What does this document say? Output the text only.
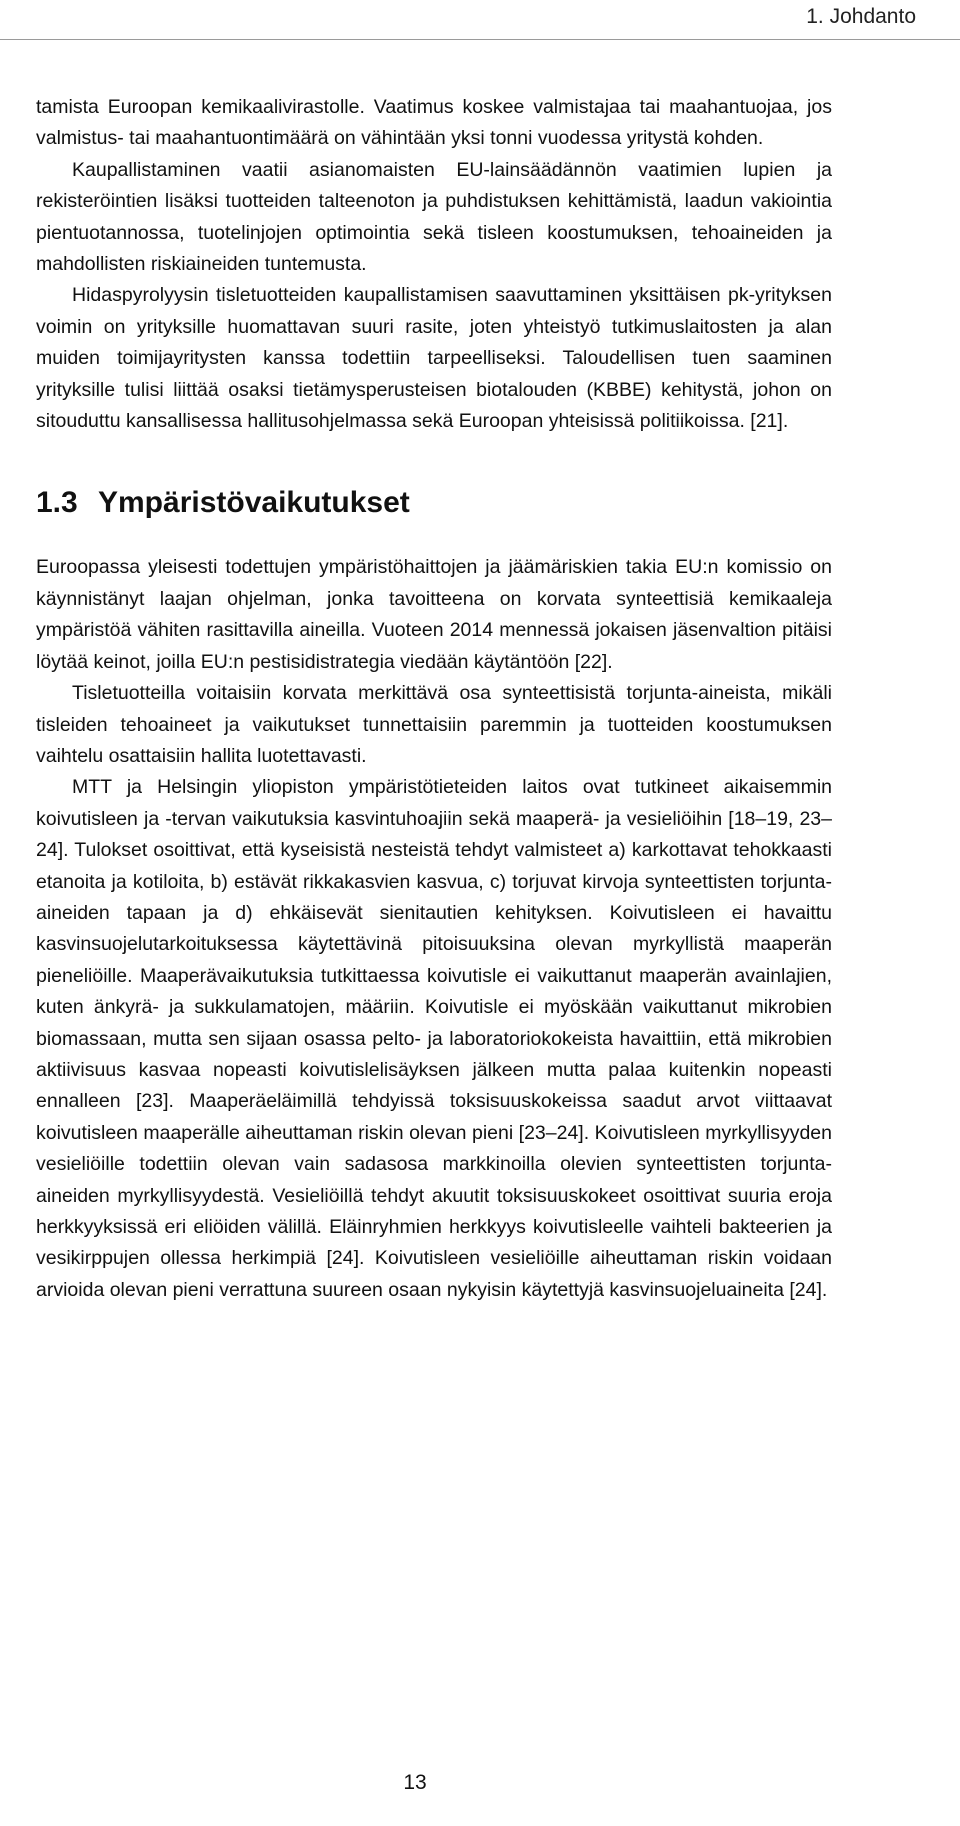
1. Johdanto

tamista Euroopan kemikaalivirastolle. Vaatimus koskee valmistajaa tai maahantuojaa, jos valmistus- tai maahantuontimäärä on vähintään yksi tonni vuodessa yritystä kohden.

Kaupallistaminen vaatii asianomaisten EU-lainsäädännön vaatimien lupien ja rekisteröintien lisäksi tuotteiden talteenoton ja puhdistuksen kehittämistä, laadun vakiointia pientuotannossa, tuotelinjojen optimointia sekä tisleen koostumuksen, tehoaineiden ja mahdollisten riskiaineiden tuntemusta.

Hidaspyrolyysin tisletuotteiden kaupallistamisen saavuttaminen yksittäisen pk-yrityksen voimin on yrityksille huomattavan suuri rasite, joten yhteistyö tutkimuslaitosten ja alan muiden toimijayritysten kanssa todettiin tarpeelliseksi. Taloudellisen tuen saaminen yrityksille tulisi liittää osaksi tietämysperusteisen biotalouden (KBBE) kehitystä, johon on sitouduttu kansallisessa hallitusohjelmassa sekä Euroopan yhteisissä politiikoissa. [21].

1.3 Ympäristövaikutukset

Euroopassa yleisesti todettujen ympäristöhaittojen ja jäämäriskien takia EU:n komissio on käynnistänyt laajan ohjelman, jonka tavoitteena on korvata synteettisiä kemikaaleja ympäristöä vähiten rasittavilla aineilla. Vuoteen 2014 mennessä jokaisen jäsenvaltion pitäisi löytää keinot, joilla EU:n pestisidistrategia viedään käytäntöön [22].

Tisletuotteilla voitaisiin korvata merkittävä osa synteettisistä torjunta-aineista, mikäli tisleiden tehoaineet ja vaikutukset tunnettaisiin paremmin ja tuotteiden koostumuksen vaihtelu osattaisiin hallita luotettavasti.

MTT ja Helsingin yliopiston ympäristötieteiden laitos ovat tutkineet aikaisemmin koivutisleen ja -tervan vaikutuksia kasvintuhoajiin sekä maaperä- ja vesieliöihin [18–19, 23–24]. Tulokset osoittivat, että kyseisistä nesteistä tehdyt valmisteet a) karkottavat tehokkaasti etanoita ja kotiloita, b) estävät rikkakasvien kasvua, c) torjuvat kirvoja synteettisten torjunta-aineiden tapaan ja d) ehkäisevät sienitautien kehityksen. Koivutisleen ei havaittu kasvinsuojelutarkoituksessa käytettävinä pitoisuuksina olevan myrkyllistä maaperän pieneliöille. Maaperävaikutuksia tutkittaessa koivutisle ei vaikuttanut maaperän avainlajien, kuten änkyrä- ja sukkulamatojen, määriin. Koivutisle ei myöskään vaikuttanut mikrobien biomassaan, mutta sen sijaan osassa pelto- ja laboratoriokokeista havaittiin, että mikrobien aktiivisuus kasvaa nopeasti koivutislelisäyksen jälkeen mutta palaa kuitenkin nopeasti ennalleen [23]. Maaperäeläimillä tehdyissä toksisuuskokeissa saadut arvot viittaavat koivutisleen maaperälle aiheuttaman riskin olevan pieni [23–24]. Koivutisleen myrkyllisyyden vesieliöille todettiin olevan vain sadasosa markkinoilla olevien synteettisten torjunta-aineiden myrkyllisyydestä. Vesieliöillä tehdyt akuutit toksisuuskokeet osoittivat suuria eroja herkkyyksissä eri eliöiden välillä. Eläinryhmien herkkyys koivutisleelle vaihteli bakteerien ja vesikirppujen ollessa herkimpiä [24]. Koivutisleen vesieliöille aiheuttaman riskin voidaan arvioida olevan pieni verrattuna suureen osaan nykyisin käytettyjä kasvinsuojeluaineita [24].

13
